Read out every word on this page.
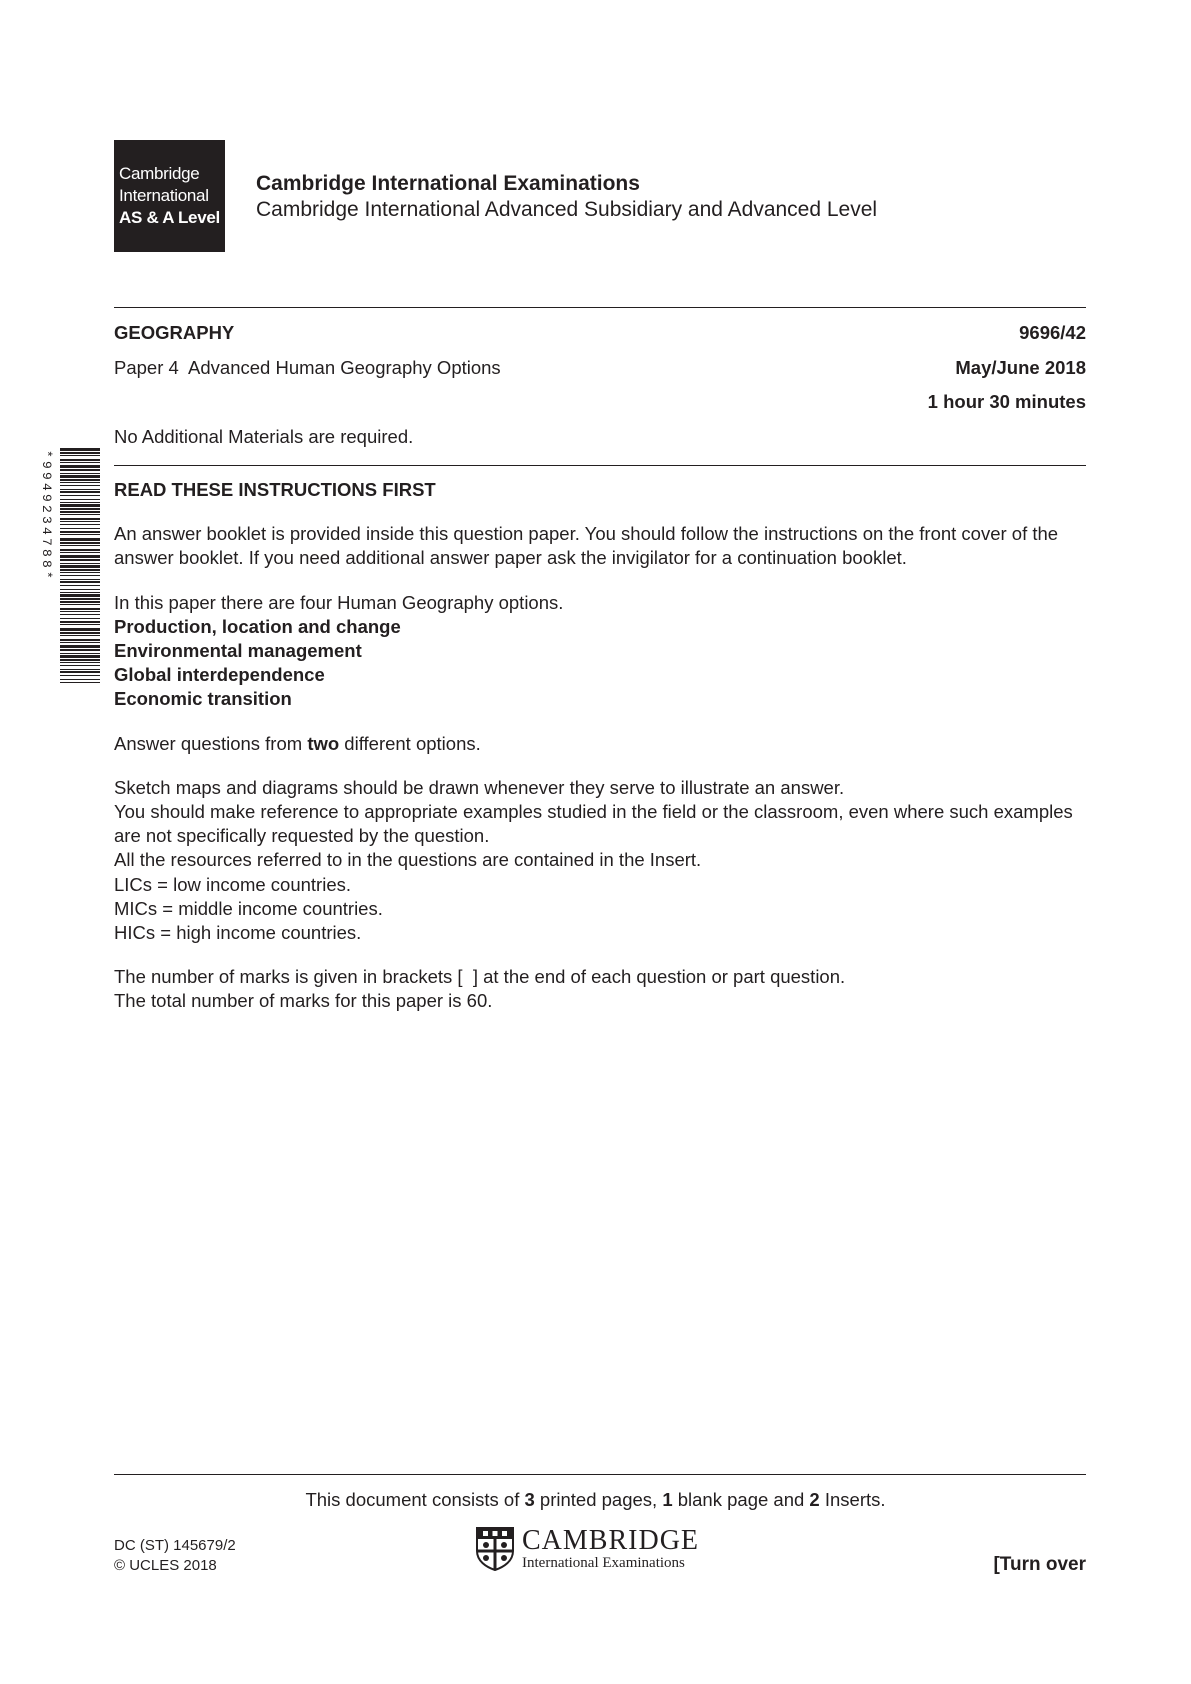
Cambridge
International
AS & A Level
Cambridge International Examinations
Cambridge International Advanced Subsidiary and Advanced Level
GEOGRAPHY	9696/42
Paper 4  Advanced Human Geography Options	May/June 2018
1 hour 30 minutes
No Additional Materials are required.
*9949234788*	READ THESE INSTRUCTIONS FIRST

An answer booklet is provided inside this question paper. You should follow the instructions on the front cover of the answer booklet. If you need additional answer paper ask the invigilator for a continuation booklet.

In this paper there are four Human Geography options.

Production, location and change

Environmental management

Global interdependence

Economic transition

Answer questions from two different options.

Sketch maps and diagrams should be drawn whenever they serve to illustrate an answer.

You should make reference to appropriate examples studied in the field or the classroom, even where such examples are not specifically requested by the question.

All the resources referred to in the questions are contained in the Insert.

LICs = low income countries.

MICs = middle income countries.

HICs = high income countries.

The number of marks is given in brackets [  ] at the end of each question or part question.

The total number of marks for this paper is 60.

This document consists of 3 printed pages, 1 blank page and 2 Inserts.
DC (ST) 145679/2
© UCLES 2018
CAMBRIDGE
International Examinations	[Turn over
